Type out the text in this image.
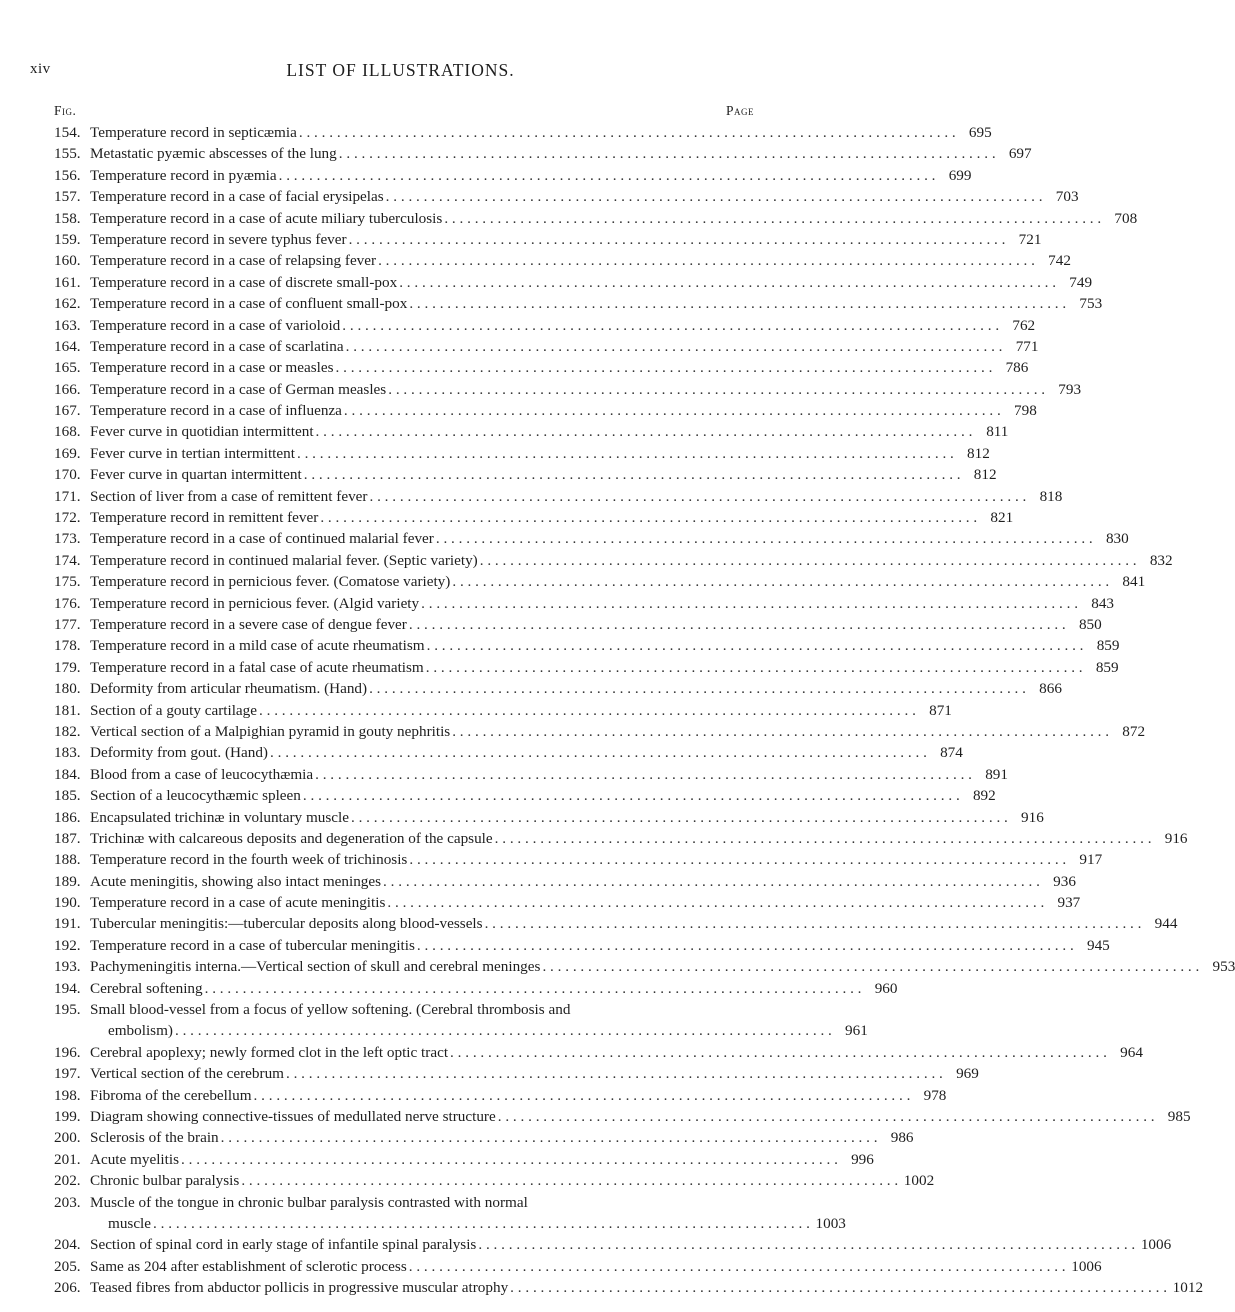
xiv	LIST OF ILLUSTRATIONS.
Fig.	Page
154. Temperature record in septicæmia . . .	695
155. Metastatic pyæmic abscesses of the lung . . .	697
156. Temperature record in pyæmia . . .	699
157. Temperature record in a case of facial erysipelas . . .	703
158. Temperature record in a case of acute miliary tuberculosis . . .	708
159. Temperature record in severe typhus fever . . .	721
160. Temperature record in a case of relapsing fever . . .	742
161. Temperature record in a case of discrete small-pox . . .	749
162. Temperature record in a case of confluent small-pox . . .	753
163. Temperature record in a case of varioloid . . .	762
164. Temperature record in a case of scarlatina . . .	771
165. Temperature record in a case or measles . . .	786
166. Temperature record in a case of German measles . . .	793
167. Temperature record in a case of influenza . . .	798
168. Fever curve in quotidian intermittent . . .	811
169. Fever curve in tertian intermittent . . .	812
170. Fever curve in quartan intermittent . . .	812
171. Section of liver from a case of remittent fever . . .	818
172. Temperature record in remittent fever . . .	821
173. Temperature record in a case of continued malarial fever . . .	830
174. Temperature record in continued malarial fever. (Septic variety) . . .	832
175. Temperature record in pernicious fever. (Comatose variety) . . .	841
176. Temperature record in pernicious fever. (Algid variety . . .	843
177. Temperature record in a severe case of dengue fever . . .	850
178. Temperature record in a mild case of acute rheumatism . . .	859
179. Temperature record in a fatal case of acute rheumatism . . .	859
180. Deformity from articular rheumatism. (Hand) . . .	866
181. Section of a gouty cartilage . . .	871
182. Vertical section of a Malpighian pyramid in gouty nephritis . . .	872
183. Deformity from gout. (Hand) . . .	874
184. Blood from a case of leucocythæmia . . .	891
185. Section of a leucocythæmic spleen . . .	892
186. Encapsulated trichinæ in voluntary muscle . . .	916
187. Trichinæ with calcareous deposits and degeneration of the capsule . . .	916
188. Temperature record in the fourth week of trichinosis . . .	917
189. Acute meningitis, showing also intact meninges . . .	936
190. Temperature record in a case of acute meningitis . . .	937
191. Tubercular meningitis:—tubercular deposits along blood-vessels . . .	944
192. Temperature record in a case of tubercular meningitis . . .	945
193. Pachymeningitis interna.—Vertical section of skull and cerebral meninges . . .	953
194. Cerebral softening . . .	960
195. Small blood-vessel from a focus of yellow softening. (Cerebral thrombosis and
embolism) . . .	961
196. Cerebral apoplexy; newly formed clot in the left optic tract . . .	964
197. Vertical section of the cerebrum . . .	969
198. Fibroma of the cerebellum . . .	978
199. Diagram showing connective-tissues of medullated nerve structure . . .	985
200. Sclerosis of the brain . . .	986
201. Acute myelitis . . .	996
202. Chronic bulbar paralysis . . .	1002
203. Muscle of the tongue in chronic bulbar paralysis contrasted with normal
muscle . . .	1003
204. Section of spinal cord in early stage of infantile spinal paralysis . . .	1006
205. Same as 204 after establishment of sclerotic process . . .	1006
206. Teased fibres from abductor pollicis in progressive muscular atrophy . . .	1012
